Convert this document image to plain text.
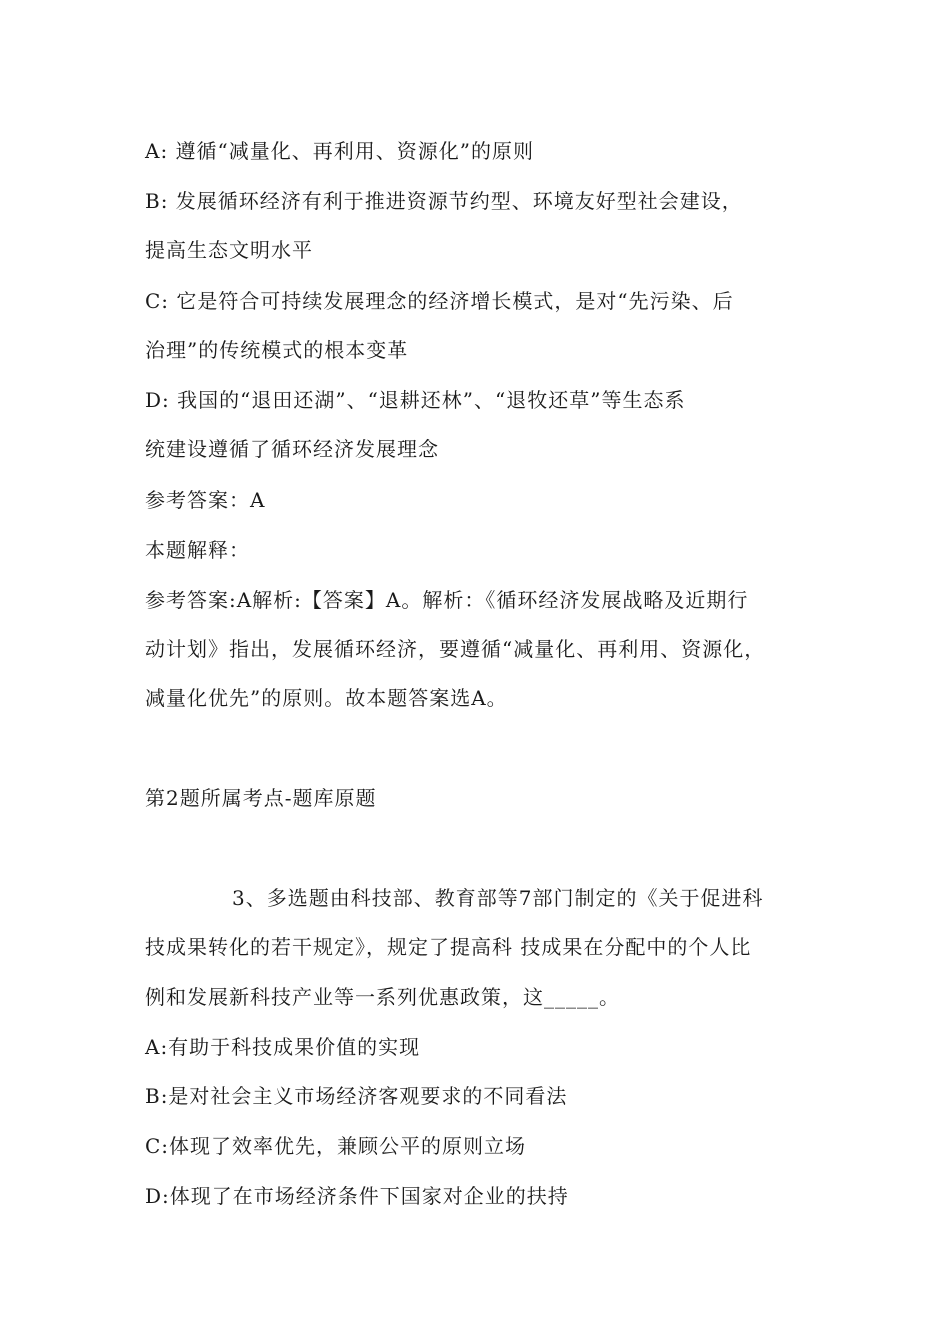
A: 遵循“减量化、再利用、资源化”的原则
B: 发展循环经济有利于推进资源节约型、环境友好型社会建设，
提高生态文明水平
C: 它是符合可持续发展理念的经济增长模式，是对“先污染、后
治理”的传统模式的根本变革
D: 我国的“退田还湖”、“退耕还林”、“退牧还草”等生态系
统建设遵循了循环经济发展理念
参考答案：A
本题解释：
参考答案:A解析:【答案】A。解析：《循环经济发展战略及近期行
动计划》指出，发展循环经济，要遵循“减量化、再利用、资源化，
减量化优先”的原则。故本题答案选A。
第2题所属考点-题库原题
3、多选题由科技部、教育部等7部门制定的《关于促进科
技成果转化的若干规定》，规定了提高科 技成果在分配中的个人比
例和发展新科技产业等一系列优惠政策，这_____。
A:有助于科技成果价值的实现
B:是对社会主义市场经济客观要求的不同看法
C:体现了效率优先，兼顾公平的原则立场
D:体现了在市场经济条件下国家对企业的扶持
